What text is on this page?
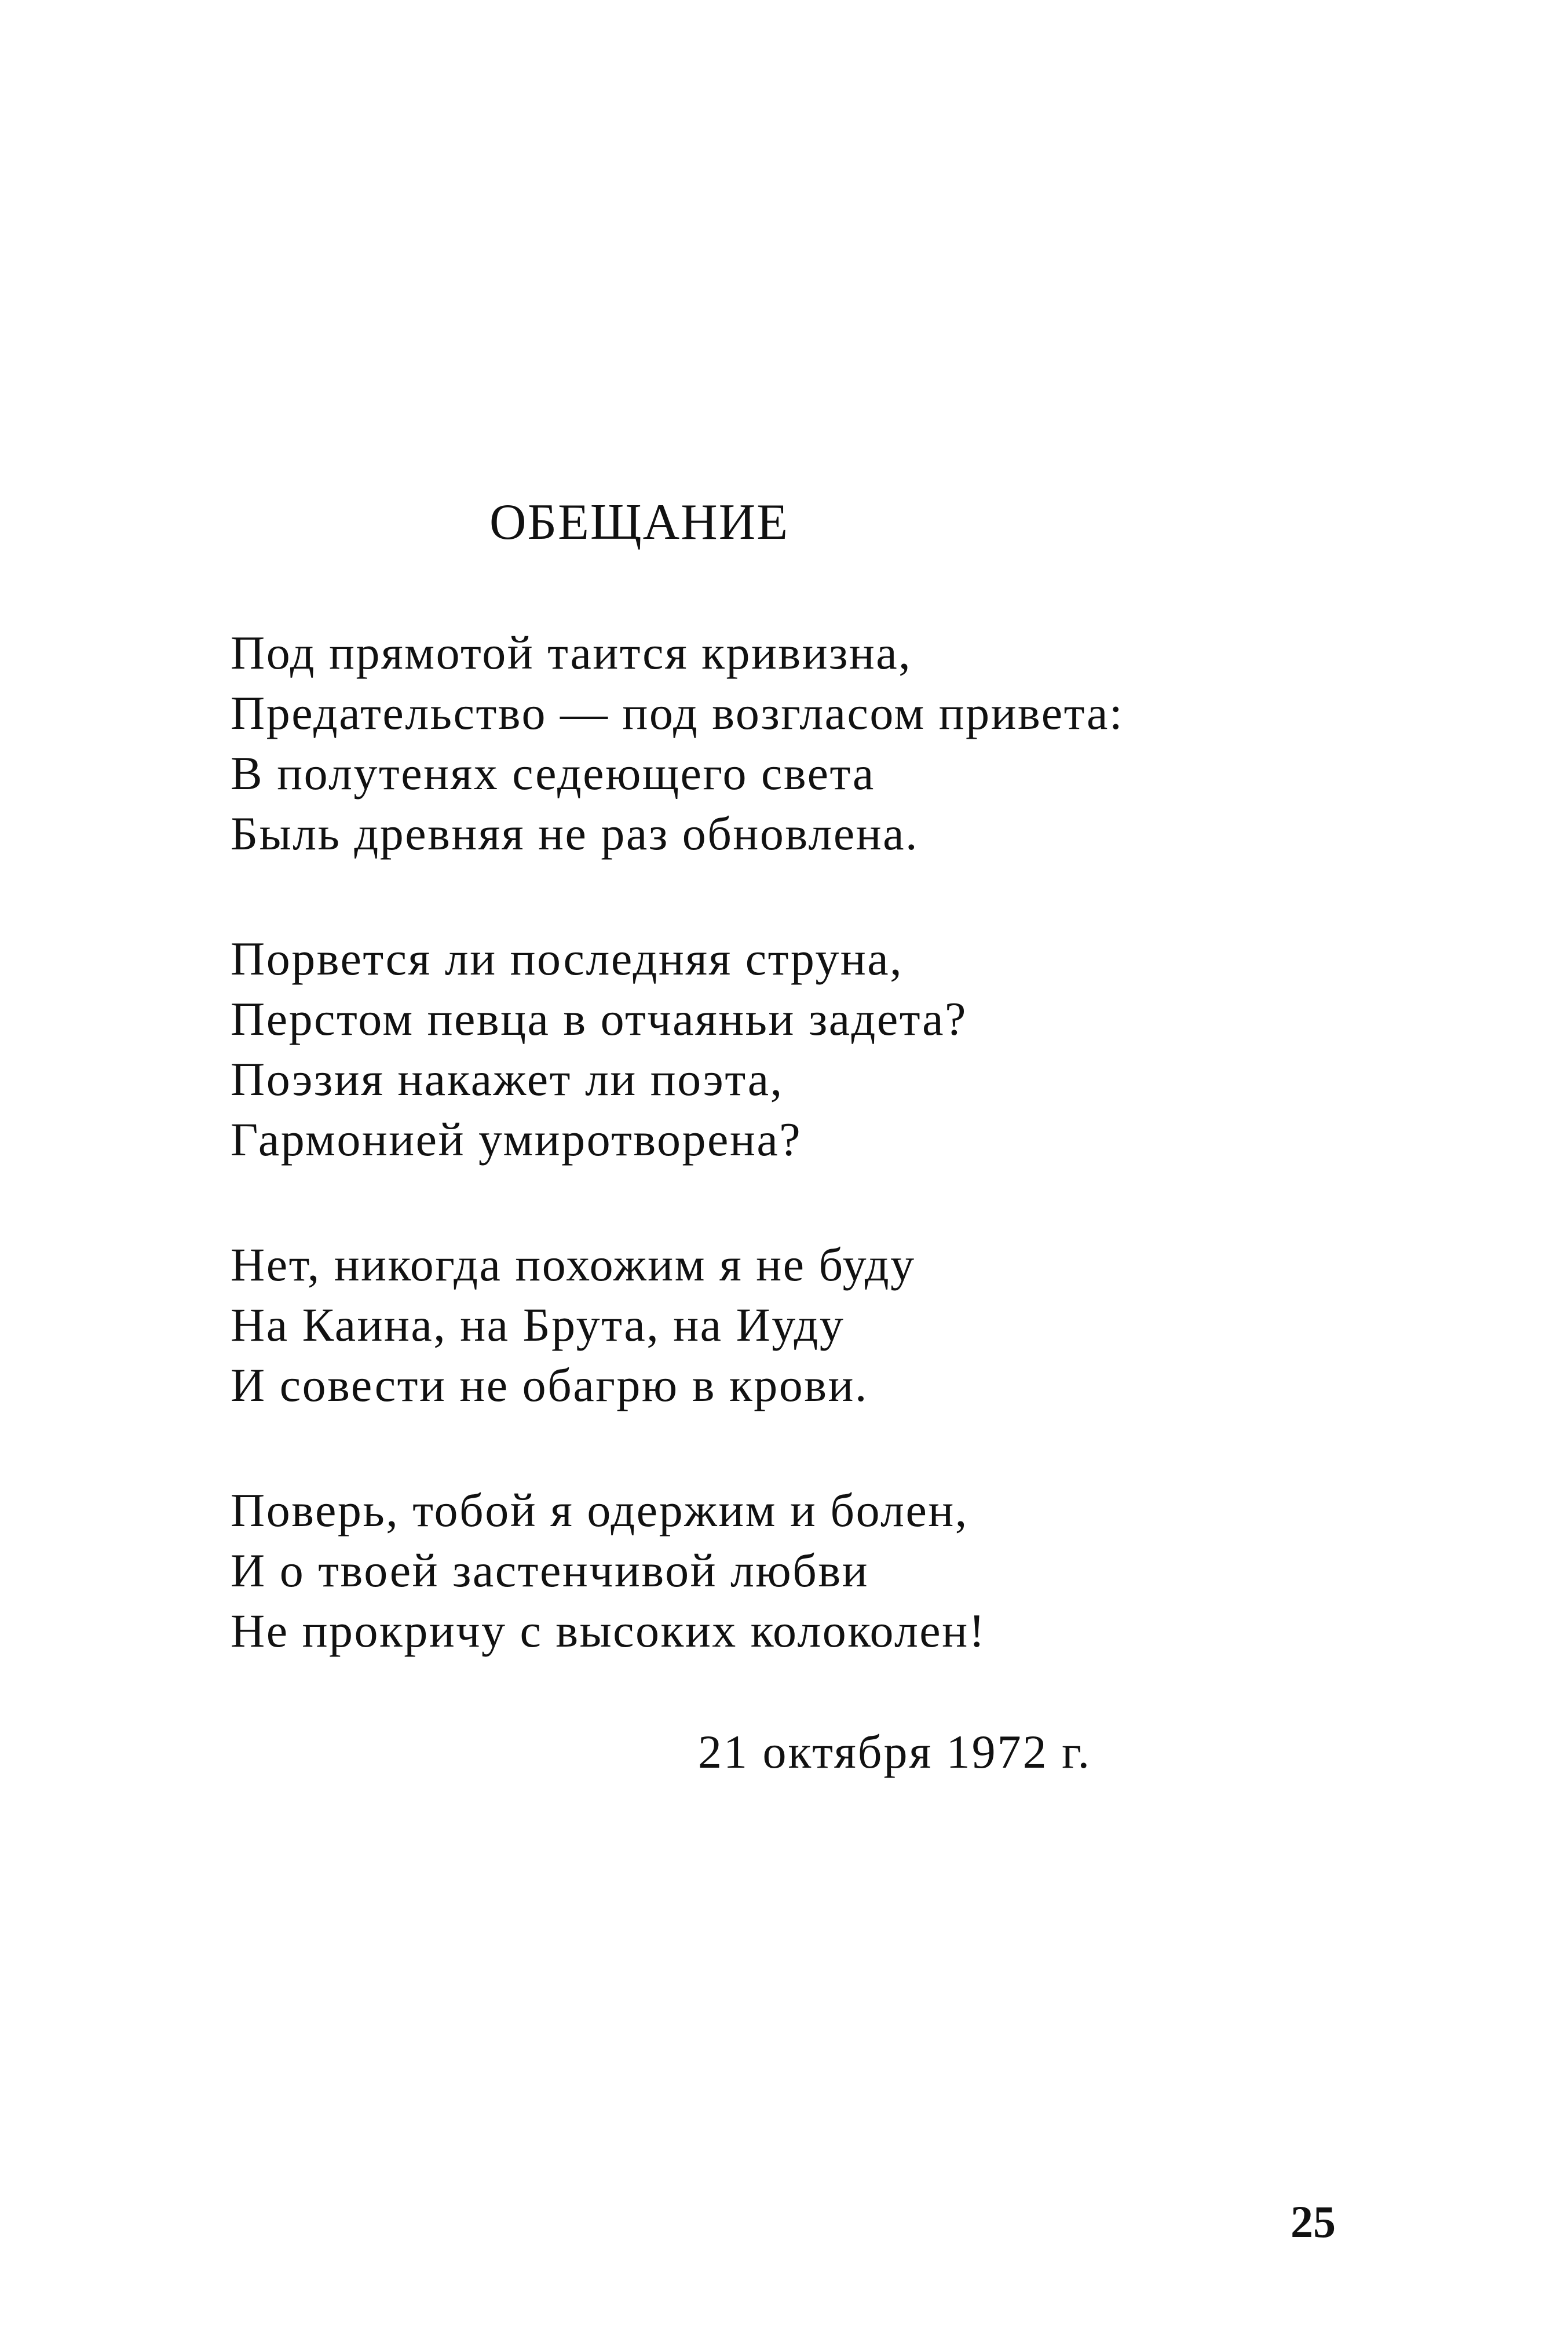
ОБЕЩАНИЕ
Под прямотой таится кривизна,
Предательство — под возгласом привета:
В полутенях седеющего света
Быль древняя не раз обновлена.
Порвется ли последняя струна,
Перстом певца в отчаяньи задета?
Поэзия накажет ли поэта,
Гармонией умиротворена?
Нет, никогда похожим я не буду
На Каина, на Брута, на Иуду
И совести не обагрю в крови.
Поверь, тобой я одержим и болен,
И о твоей застенчивой любви
Не прокричу с высоких колоколен!
21 октября 1972 г.
25
